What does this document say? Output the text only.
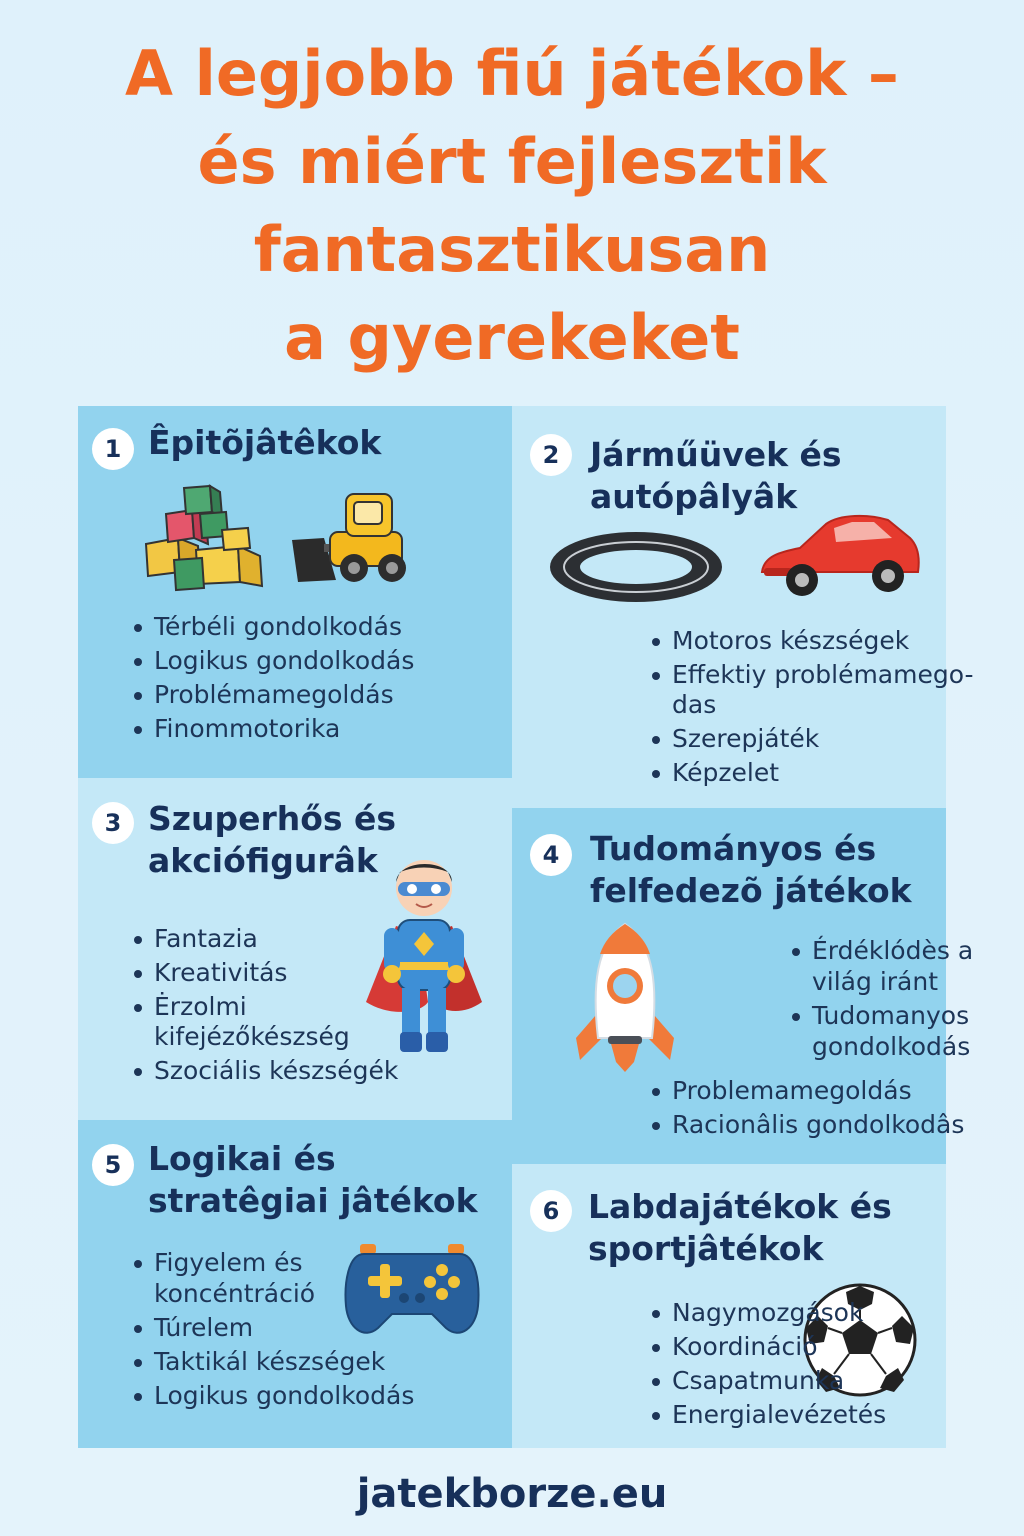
A legjobb fiú játékok –
és miért fejlesztik
fantasztikusan
a gyerekeket
1 Êpitõjâtêkok
Térbéli gondolkodás
Logikus gondolkodás
Problémamegoldás
Finommotorika
2 Járműüvek és
autópâlyâk
Motoros készségek
Effektiy problémamego-
das
Szerepjáték
Képzelet
3 Szuperhős és
akciófigurâk
Fantazia
Kreativitás
Ėrzolmi
kifejézőkészség
Szociális készségék
4 Tudományos és
felfedezõ játékok
Érdéklódès a
világ iránt
Tudomanyos
gondolkodás
Problemamegoldás
Racionâlis gondolkodâs
5 Logikai és
stratêgiai jâtékok
Figyelem és
koncéntráció
Túrelem
Taktikál készségek
Logikus gondolkodás
6 Labdajátékok és
sportjâtékok
Nagymozgások
Koordináció
Csapatmunka
Energialevézetés
jatekborze.eu
